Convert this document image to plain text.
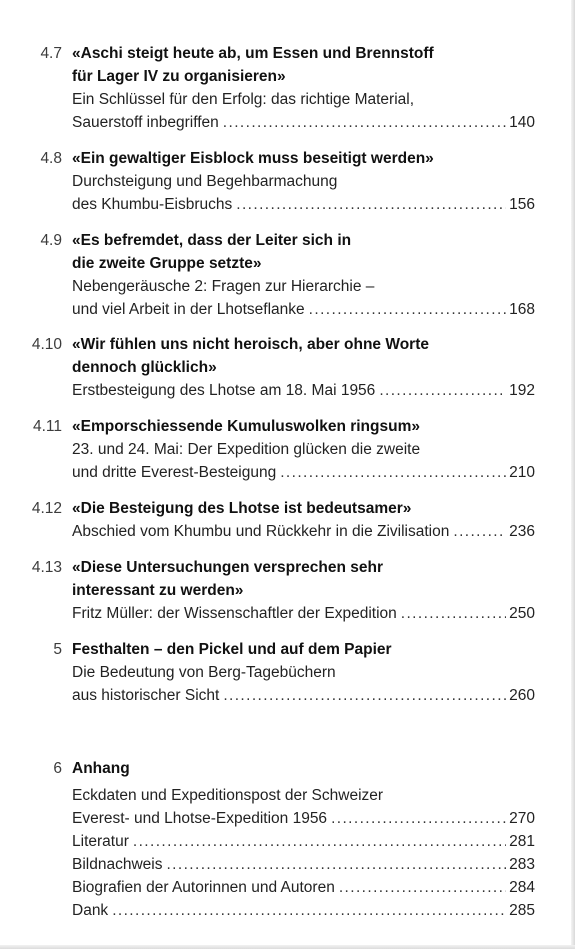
4.7 «Aschi steigt heute ab, um Essen und Brennstoff
für Lager IV zu organisieren»
Ein Schlüssel für den Erfolg: das richtige Material,
Sauerstoff inbegriffen .....	140
4.8 «Ein gewaltiger Eisblock muss beseitigt werden»
Durchsteigung und Begehbarmachung
des Khumbu-Eisbruchs .....	156
4.9 «Es befremdet, dass der Leiter sich in
die zweite Gruppe setzte»
Nebengeräusche 2: Fragen zur Hierarchie –
und viel Arbeit in der Lhotseflanke .....	168
4.10 «Wir fühlen uns nicht heroisch, aber ohne Worte
dennoch glücklich»
Erstbesteigung des Lhotse am 18. Mai 1956 .....	192
4.11 «Emporschiessende Kumuluswolken ringsum»
23. und 24. Mai: Der Expedition glücken die zweite
und dritte Everest-Besteigung .....	210
4.12 «Die Besteigung des Lhotse ist bedeutsamer»
Abschied vom Khumbu und Rückkehr in die Zivilisation .....	236
4.13 «Diese Untersuchungen versprechen sehr
interessant zu werden»
Fritz Müller: der Wissenschaftler der Expedition .....	250
5 Festhalten – den Pickel und auf dem Papier
Die Bedeutung von Berg-Tagebüchern
aus historischer Sicht .....	260
6 Anhang
Eckdaten und Expeditionspost der Schweizer
Everest- und Lhotse-Expedition 1956 .....	270
Literatur .....	281
Bildnachweis .....	283
Biografien der Autorinnen und Autoren .....	284
Dank .....	285
